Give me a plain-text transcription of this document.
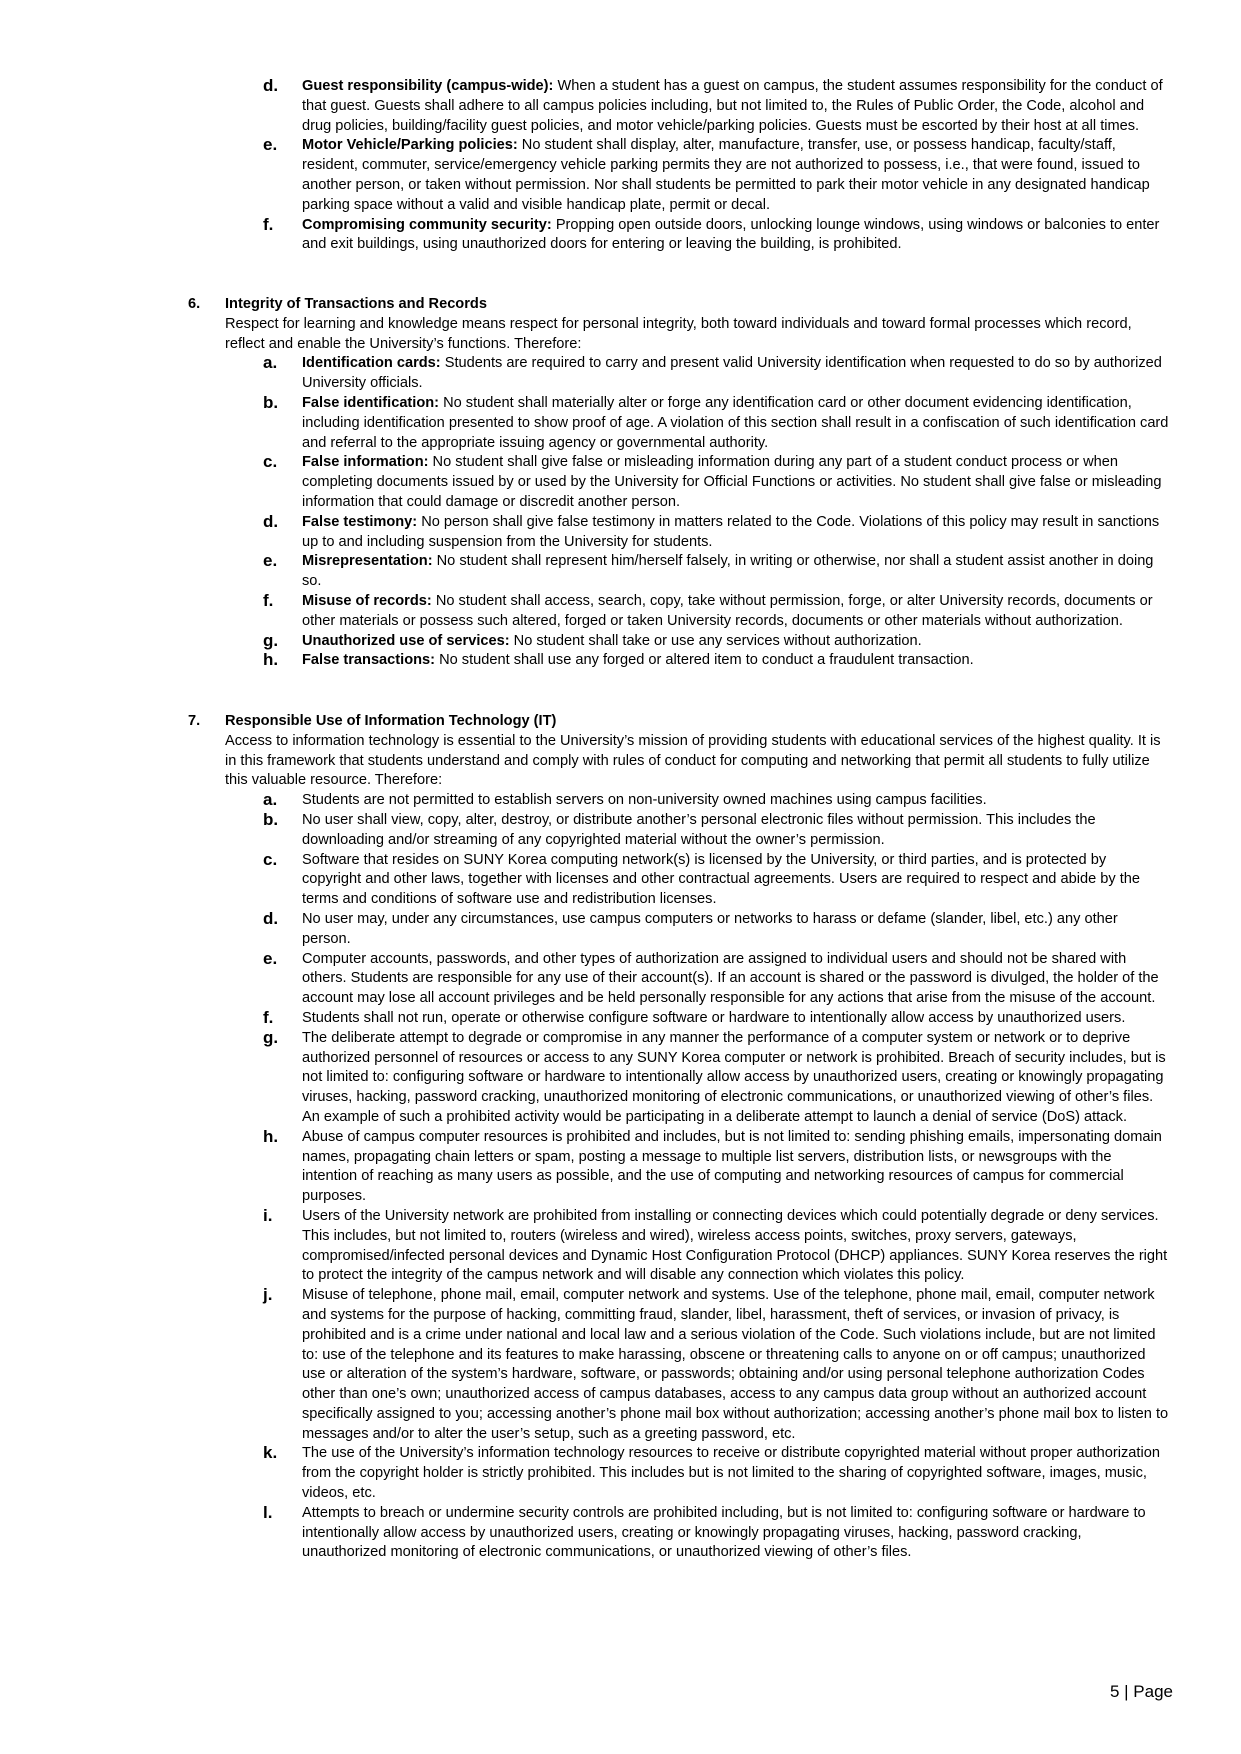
d. Guest responsibility (campus-wide): When a student has a guest on campus, the student assumes responsibility for the conduct of that guest. Guests shall adhere to all campus policies including, but not limited to, the Rules of Public Order, the Code, alcohol and drug policies, building/facility guest policies, and motor vehicle/parking policies. Guests must be escorted by their host at all times.
e. Motor Vehicle/Parking policies: No student shall display, alter, manufacture, transfer, use, or possess handicap, faculty/staff, resident, commuter, service/emergency vehicle parking permits they are not authorized to possess, i.e., that were found, issued to another person, or taken without permission. Nor shall students be permitted to park their motor vehicle in any designated handicap parking space without a valid and visible handicap plate, permit or decal.
f. Compromising community security: Propping open outside doors, unlocking lounge windows, using windows or balconies to enter and exit buildings, using unauthorized doors for entering or leaving the building, is prohibited.
6. Integrity of Transactions and Records
Respect for learning and knowledge means respect for personal integrity, both toward individuals and toward formal processes which record, reflect and enable the University’s functions. Therefore:
a. Identification cards: Students are required to carry and present valid University identification when requested to do so by authorized University officials.
b. False identification: No student shall materially alter or forge any identification card or other document evidencing identification, including identification presented to show proof of age. A violation of this section shall result in a confiscation of such identification card and referral to the appropriate issuing agency or governmental authority.
c. False information: No student shall give false or misleading information during any part of a student conduct process or when completing documents issued by or used by the University for Official Functions or activities. No student shall give false or misleading information that could damage or discredit another person.
d. False testimony: No person shall give false testimony in matters related to the Code. Violations of this policy may result in sanctions up to and including suspension from the University for students.
e. Misrepresentation: No student shall represent him/herself falsely, in writing or otherwise, nor shall a student assist another in doing so.
f. Misuse of records: No student shall access, search, copy, take without permission, forge, or alter University records, documents or other materials or possess such altered, forged or taken University records, documents or other materials without authorization.
g. Unauthorized use of services: No student shall take or use any services without authorization.
h. False transactions: No student shall use any forged or altered item to conduct a fraudulent transaction.
7. Responsible Use of Information Technology (IT)
Access to information technology is essential to the University’s mission of providing students with educational services of the highest quality. It is in this framework that students understand and comply with rules of conduct for computing and networking that permit all students to fully utilize this valuable resource. Therefore:
a. Students are not permitted to establish servers on non-university owned machines using campus facilities.
b. No user shall view, copy, alter, destroy, or distribute another’s personal electronic files without permission. This includes the downloading and/or streaming of any copyrighted material without the owner’s permission.
c. Software that resides on SUNY Korea computing network(s) is licensed by the University, or third parties, and is protected by copyright and other laws, together with licenses and other contractual agreements. Users are required to respect and abide by the terms and conditions of software use and redistribution licenses.
d. No user may, under any circumstances, use campus computers or networks to harass or defame (slander, libel, etc.) any other person.
e. Computer accounts, passwords, and other types of authorization are assigned to individual users and should not be shared with others. Students are responsible for any use of their account(s). If an account is shared or the password is divulged, the holder of the account may lose all account privileges and be held personally responsible for any actions that arise from the misuse of the account.
f. Students shall not run, operate or otherwise configure software or hardware to intentionally allow access by unauthorized users.
g. The deliberate attempt to degrade or compromise in any manner the performance of a computer system or network or to deprive authorized personnel of resources or access to any SUNY Korea computer or network is prohibited. Breach of security includes, but is not limited to: configuring software or hardware to intentionally allow access by unauthorized users, creating or knowingly propagating viruses, hacking, password cracking, unauthorized monitoring of electronic communications, or unauthorized viewing of other’s files. An example of such a prohibited activity would be participating in a deliberate attempt to launch a denial of service (DoS) attack.
h. Abuse of campus computer resources is prohibited and includes, but is not limited to: sending phishing emails, impersonating domain names, propagating chain letters or spam, posting a message to multiple list servers, distribution lists, or newsgroups with the intention of reaching as many users as possible, and the use of computing and networking resources of campus for commercial purposes.
i. Users of the University network are prohibited from installing or connecting devices which could potentially degrade or deny services. This includes, but not limited to, routers (wireless and wired), wireless access points, switches, proxy servers, gateways, compromised/infected personal devices and Dynamic Host Configuration Protocol (DHCP) appliances. SUNY Korea reserves the right to protect the integrity of the campus network and will disable any connection which violates this policy.
j. Misuse of telephone, phone mail, email, computer network and systems. Use of the telephone, phone mail, email, computer network and systems for the purpose of hacking, committing fraud, slander, libel, harassment, theft of services, or invasion of privacy, is prohibited and is a crime under national and local law and a serious violation of the Code. Such violations include, but are not limited to: use of the telephone and its features to make harassing, obscene or threatening calls to anyone on or off campus; unauthorized use or alteration of the system’s hardware, software, or passwords; obtaining and/or using personal telephone authorization Codes other than one’s own; unauthorized access of campus databases, access to any campus data group without an authorized account specifically assigned to you; accessing another’s phone mail box without authorization; accessing another’s phone mail box to listen to messages and/or to alter the user’s setup, such as a greeting password, etc.
k. The use of the University’s information technology resources to receive or distribute copyrighted material without proper authorization from the copyright holder is strictly prohibited. This includes but is not limited to the sharing of copyrighted software, images, music, videos, etc.
l. Attempts to breach or undermine security controls are prohibited including, but is not limited to: configuring software or hardware to intentionally allow access by unauthorized users, creating or knowingly propagating viruses, hacking, password cracking, unauthorized monitoring of electronic communications, or unauthorized viewing of other’s files.
5 | Page
